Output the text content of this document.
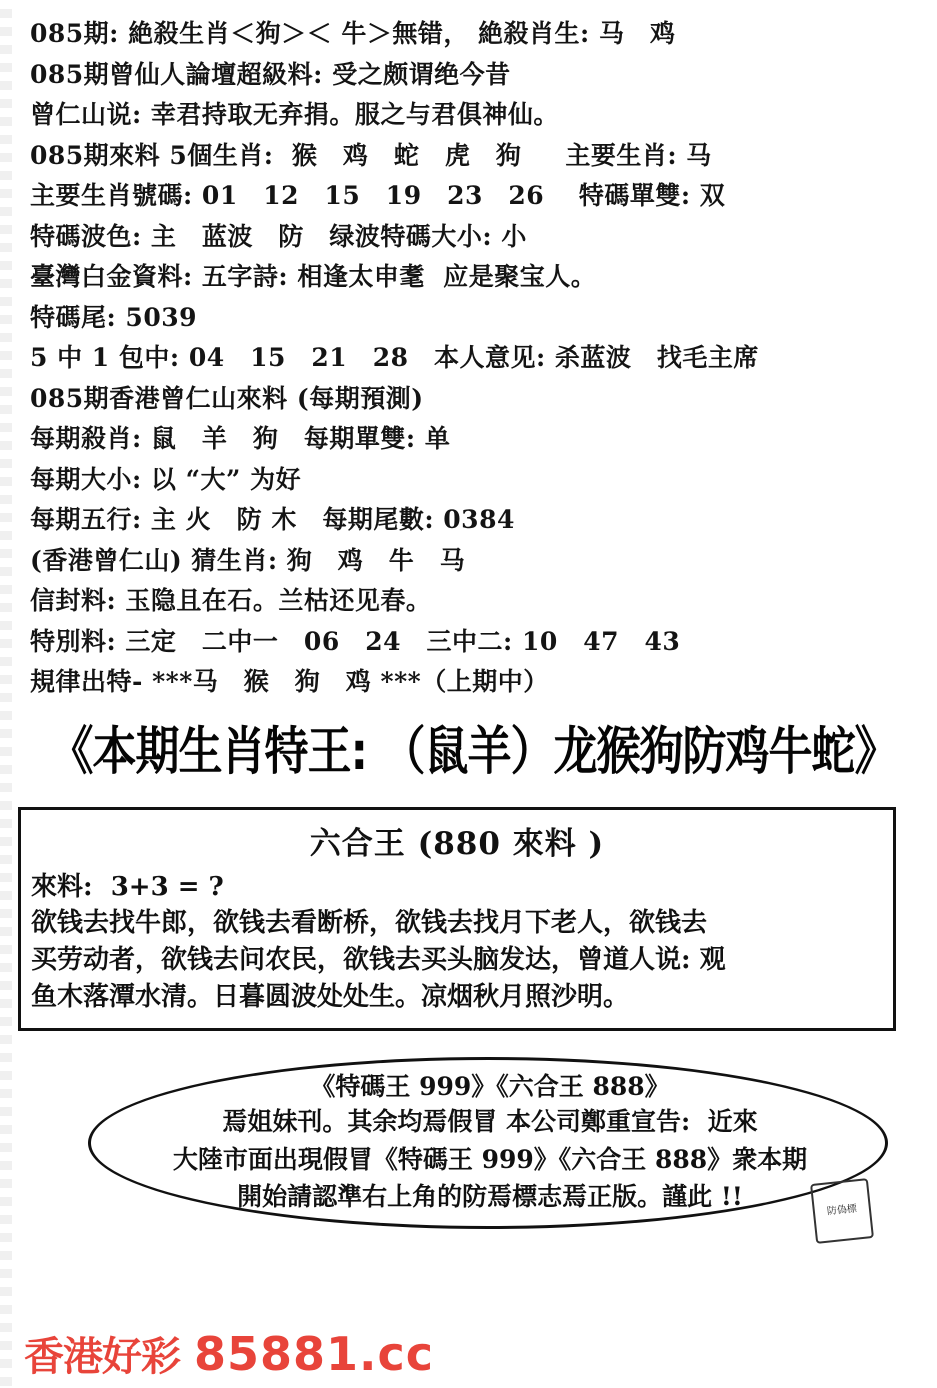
085期: 絶殺生肖＜狗＞＜ 牛＞無错， 絶殺肖生: 马　鸡
085期曾仙人論壇超級料: 受之颇谓绝今昔
曾仁山说: 幸君持取无弃捐。服之与君俱神仙。
085期來料 5個生肖:  猴　鸡　蛇　虎　狗 　 主要生肖: 马
主要生肖號碼: 01　12　15　19　23　26 　特碼單雙: 双
特碼波色: 主　蓝波　防　绿波特碼大小: 小
臺灣白金資料: 五字詩: 相逢太申耄  应是聚宝人。
特碼尾: 5039
5 中 1 包中: 04　15　21　28　本人意见: 杀蓝波　找毛主席
085期香港曾仁山來料 (每期預測)
每期殺肖: 鼠　羊　狗　每期單雙: 单
每期大小: 以 “大” 为好
每期五行: 主 火　防 木　每期尾數: 0384
(香港曾仁山) 猜生肖: 狗　鸡　牛　马
信封料: 玉隐且在石。兰枯还见春。
特別料: 三定　二中一　06　24　三中二: 10　47　43
規律出特- ***马　猴　狗　鸡 ***（上期中）
《本期生肖特王: （鼠羊）龙猴狗防鸡牛蛇》
六合王 (880 來料 )
來料:  3+3 = ?
欲钱去找牛郎，欲钱去看断桥，欲钱去找月下老人，欲钱去
买劳动者，欲钱去问农民，欲钱去买头脑发达，曾道人说: 观
鱼木落潭水清。日暮圆波处处生。凉烟秋月照沙明。
《特碼王 999》《六合王 888》
焉姐妹刊。其余均焉假冒 本公司鄭重宣告:  近來
大陸市面出現假冒《特碼王 999》《六合王 888》衆本期
開始請認準右上角的防焉標志焉正版。謹此 !!	防偽標
香港好彩 85881.cc
